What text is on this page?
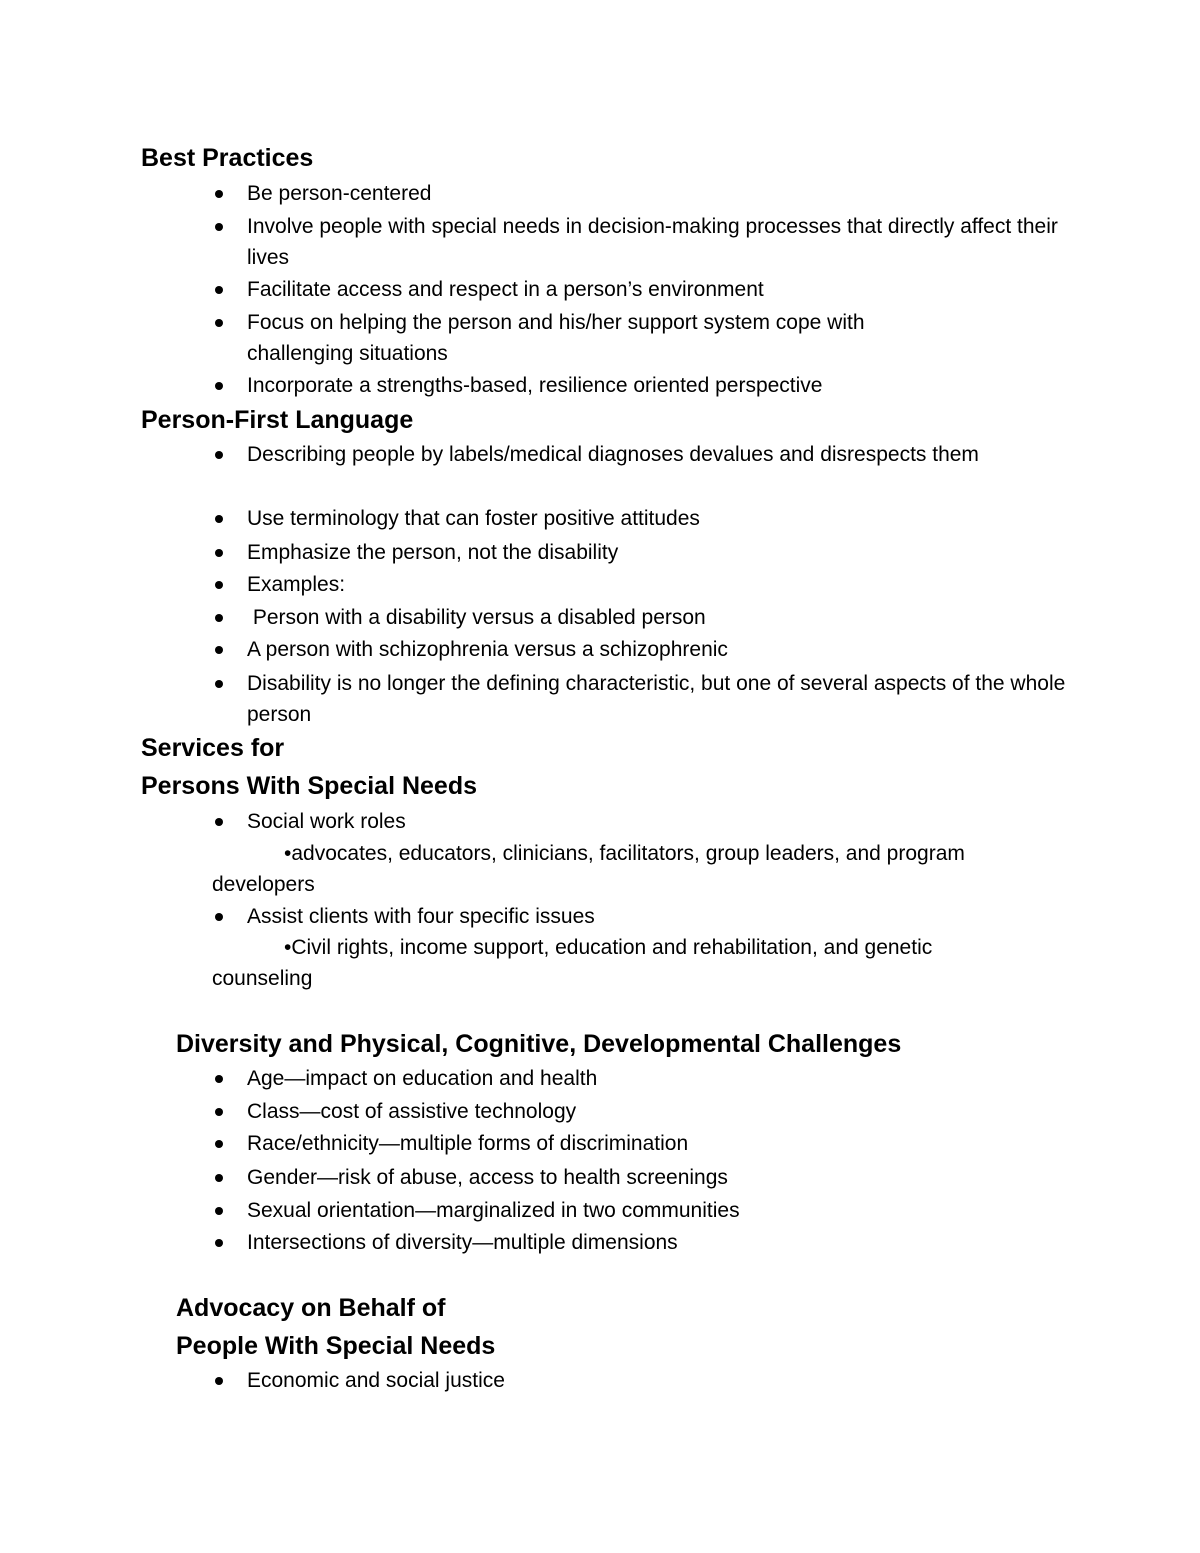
Best Practices
Be person-centered
Involve people with special needs in decision-making processes that directly affect their lives
Facilitate access and respect in a person’s environment
Focus on helping the person and his/her support system cope with challenging situations
Incorporate a strengths-based, resilience oriented perspective
Person-First Language
Describing people by labels/medical diagnoses devalues and disrespects them
Use terminology that can foster positive attitudes
Emphasize the person, not the disability
Examples:
Person with a disability versus a disabled person
A person with schizophrenia versus a schizophrenic
Disability is no longer the defining characteristic, but one of several aspects of the whole person
Services for
Persons With Special Needs
Social work roles
•advocates, educators, clinicians, facilitators, group leaders, and program developers
Assist clients with four specific issues
•Civil rights, income support, education and rehabilitation, and genetic counseling
Diversity and Physical, Cognitive, Developmental Challenges
Age—impact on education and health
Class—cost of assistive technology
Race/ethnicity—multiple forms of discrimination
Gender—risk of abuse, access to health screenings
Sexual orientation—marginalized in two communities
Intersections of diversity—multiple dimensions
Advocacy on Behalf of
People With Special Needs
Economic and social justice
